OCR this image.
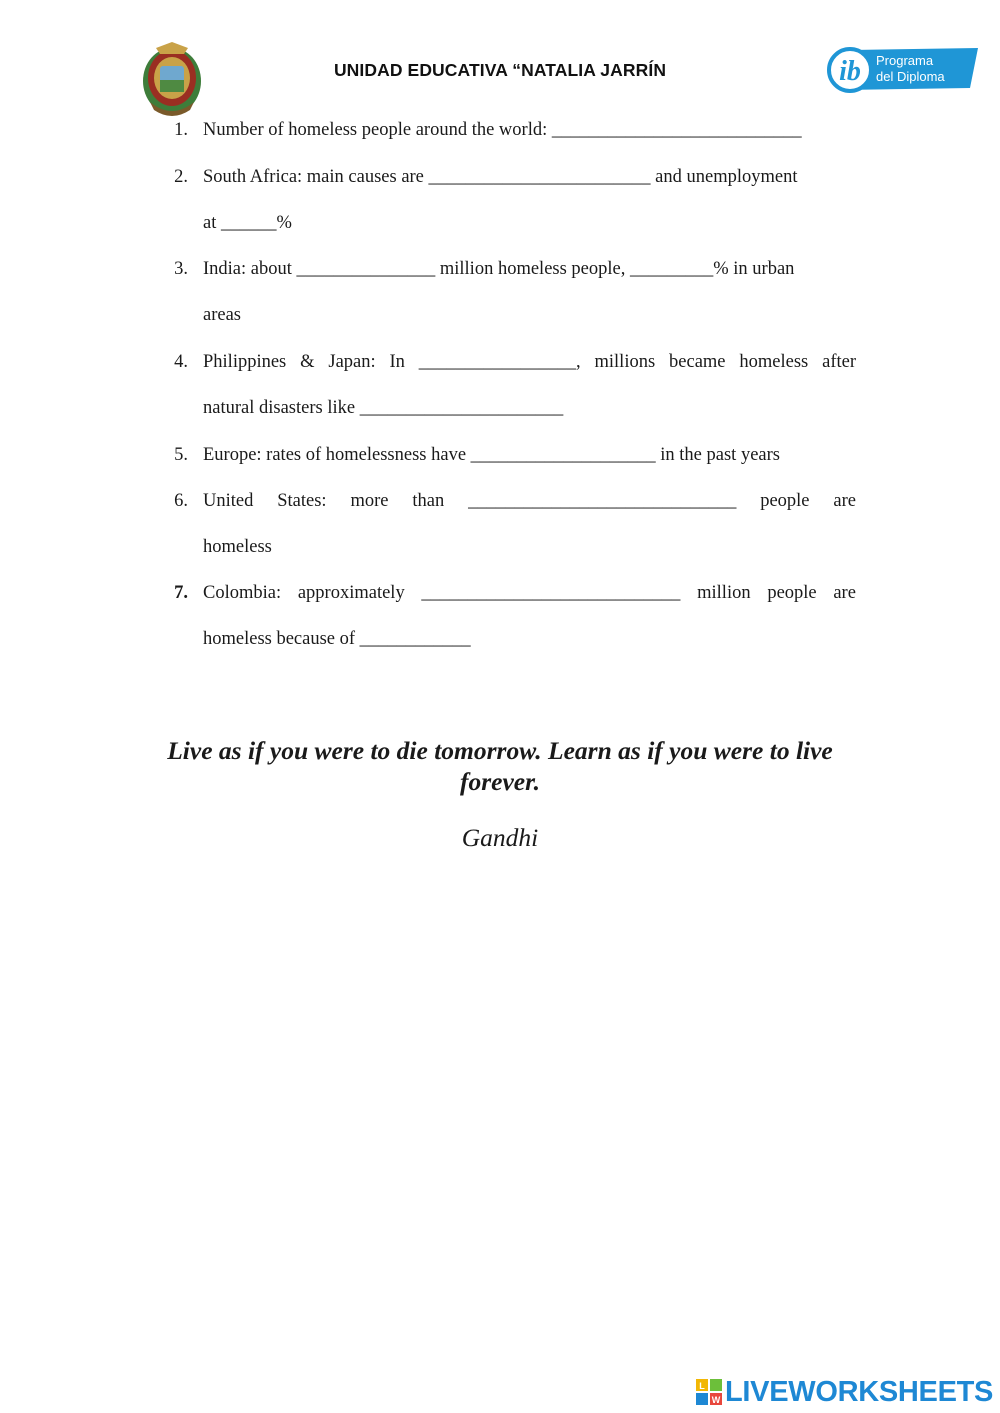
UNIDAD EDUCATIVA “NATALIA JARRÍN	ib Programa
del Diploma
1. Number of homeless people around the world: ___________________________
2. South Africa: main causes are ________________________ and unemployment
at ______%
3. India: about _______________ million homeless people, _________% in urban
areas
4. Philippines & Japan: In _________________, millions became homeless after
natural disasters like ______________________
5. Europe: rates of homelessness have ____________________ in the past years
6. United States: more than _____________________________ people are
homeless
7. Colombia: approximately ____________________________ million people are
homeless because of ____________
Live as if you were to die tomorrow. Learn as if you were to live forever.
Gandhi
L
W LIVEWORKSHEETS
